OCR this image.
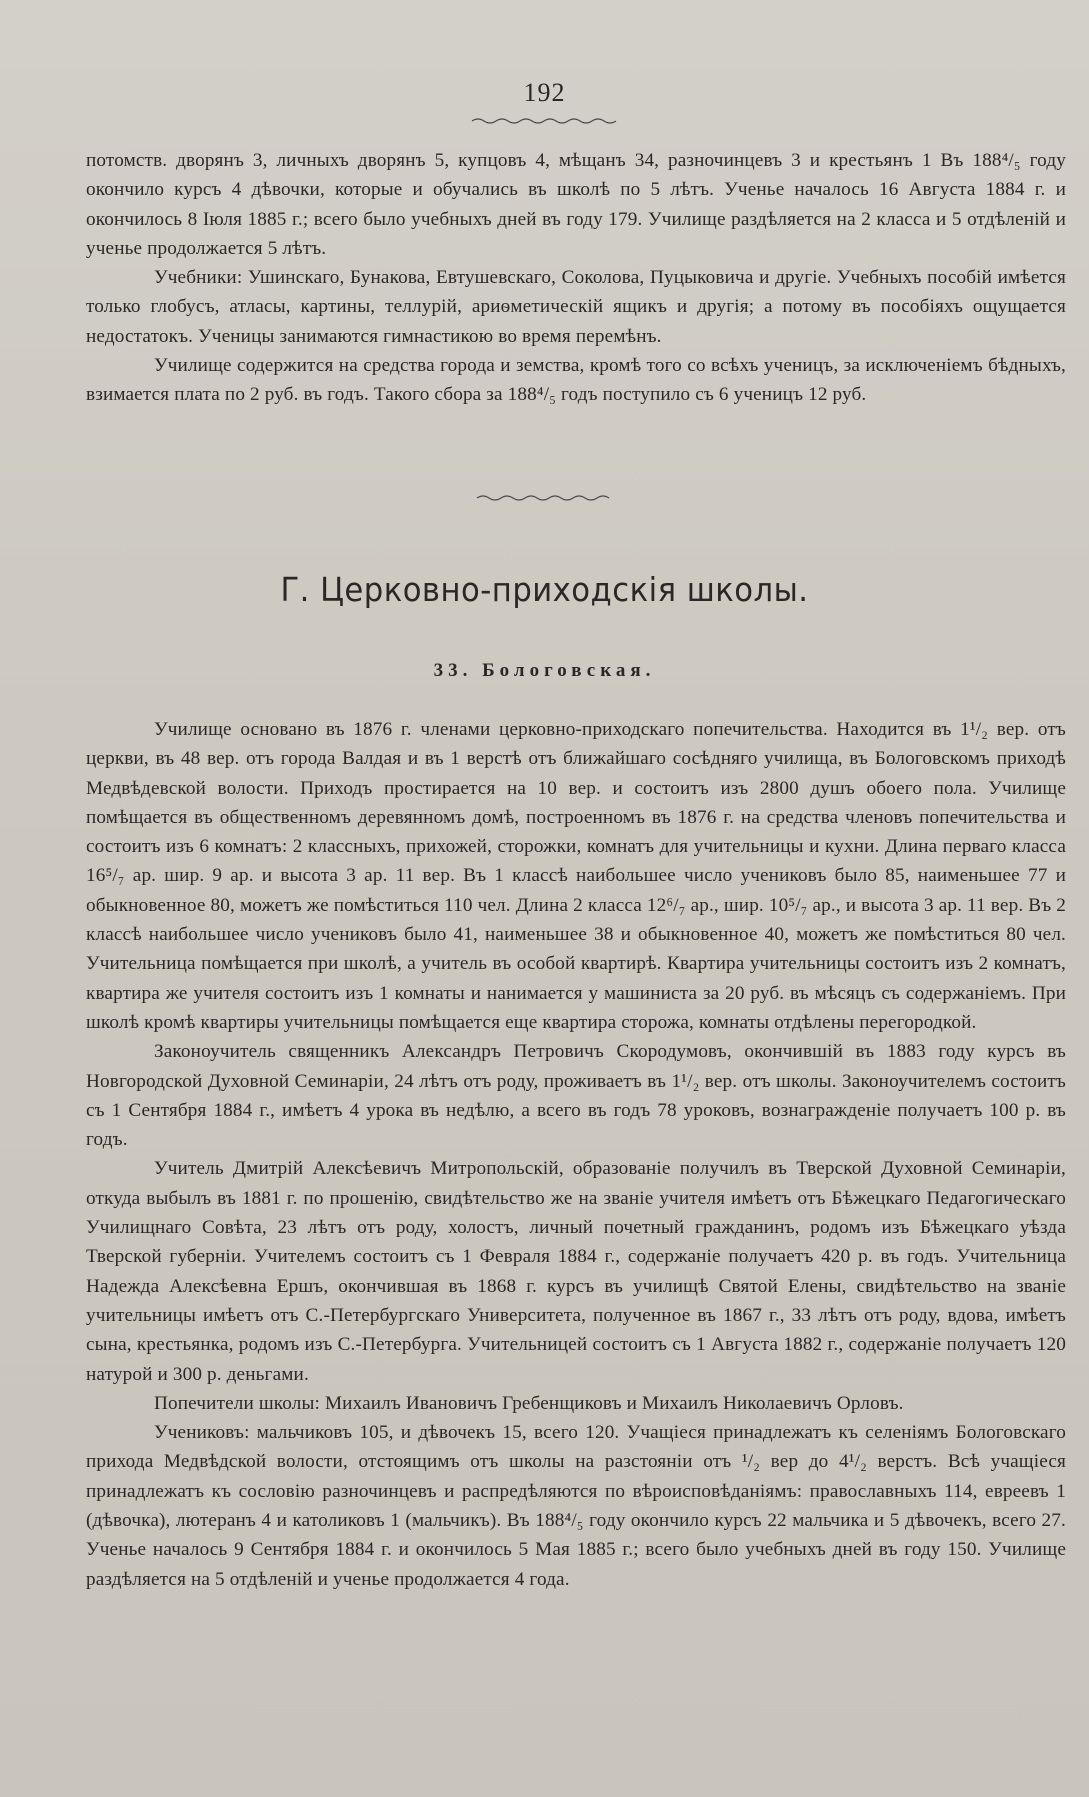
192

потомств. дворянъ 3, личныхъ дворянъ 5, купцовъ 4, мѣщанъ 34, разночинцевъ 3 и крестьянъ 1 Въ 188⁴/₅ году окончило курсъ 4 дѣвочки, которые и обучались въ школѣ по 5 лѣтъ. Ученье началось 16 Августа 1884 г. и окончилось 8 Іюля 1885 г.; всего было учебныхъ дней въ году 179. Училище раздѣляется на 2 класса и 5 отдѣленій и ученье продолжается 5 лѣтъ.

Учебники: Ушинскаго, Бунакова, Евтушевскаго, Соколова, Пуцыковича и другіе. Учебныхъ пособій имѣется только глобусъ, атласы, картины, теллурій, ариѳметическій ящикъ и другія; а потому въ пособіяхъ ощущается недостатокъ. Ученицы занимаются гимнастикою во время перемѣнъ.

Училище содержится на средства города и земства, кромѣ того со всѣхъ ученицъ, за исключеніемъ бѣдныхъ, взимается плата по 2 руб. въ годъ. Такого сбора за 188⁴/₅ годъ поступило съ 6 ученицъ 12 руб.

Г. Церковно-приходскія школы.
33. Бологовская.

Училище основано въ 1876 г. членами церковно-приходскаго попечительства. Находится въ 1¹/₂ вер. отъ церкви, въ 48 вер. отъ города Валдая и въ 1 верстѣ отъ ближайшаго сосѣдняго училища, въ Бологовскомъ приходѣ Медвѣдевской волости. Приходъ простирается на 10 вер. и состоитъ изъ 2800 душъ обоего пола. Училище помѣщается въ общественномъ деревянномъ домѣ, построенномъ въ 1876 г. на средства членовъ попечительства и состоитъ изъ 6 комнатъ: 2 классныхъ, прихожей, сторожки, комнатъ для учительницы и кухни. Длина перваго класса 16⁵/₇ ар. шир. 9 ар. и высота 3 ар. 11 вер. Въ 1 классѣ наибольшее число учениковъ было 85, наименьшее 77 и обыкновенное 80, можетъ же помѣститься 110 чел. Длина 2 класса 12⁶/₇ ар., шир. 10⁵/₇ ар., и высота 3 ар. 11 вер. Въ 2 классѣ наибольшее число учениковъ было 41, наименьшее 38 и обыкновенное 40, можетъ же помѣститься 80 чел. Учительница помѣщается при школѣ, а учитель въ особой квартирѣ. Квартира учительницы состоитъ изъ 2 комнатъ, квартира же учителя состоитъ изъ 1 комнаты и нанимается у машиниста за 20 руб. въ мѣсяцъ съ содержаніемъ. При школѣ кромѣ квартиры учительницы помѣщается еще квартира сторожа, комнаты отдѣлены перегородкой.

Законоучитель священникъ Александръ Петровичъ Скородумовъ, окончившій въ 1883 году курсъ въ Новгородской Духовной Семинаріи, 24 лѣтъ отъ роду, проживаетъ въ 1¹/₂ вер. отъ школы. Законоучителемъ состоитъ съ 1 Сентября 1884 г., имѣетъ 4 урока въ недѣлю, а всего въ годъ 78 уроковъ, вознагражденіе получаетъ 100 р. въ годъ.

Учитель Дмитрій Алексѣевичъ Митропольскій, образованіе получилъ въ Тверской Духовной Семинаріи, откуда выбылъ въ 1881 г. по прошенію, свидѣтельство же на званіе учителя имѣетъ отъ Бѣжецкаго Педагогическаго Училищнаго Совѣта, 23 лѣтъ отъ роду, холостъ, личный почетный гражданинъ, родомъ изъ Бѣжецкаго уѣзда Тверской губерніи. Учителемъ состоитъ съ 1 Февраля 1884 г., содержаніе получаетъ 420 р. въ годъ. Учительница Надежда Алексѣевна Ершъ, окончившая въ 1868 г. курсъ въ училищѣ Святой Елены, свидѣтельство на званіе учительницы имѣетъ отъ С.-Петербургскаго Университета, полученное въ 1867 г., 33 лѣтъ отъ роду, вдова, имѣетъ сына, крестьянка, родомъ изъ С.-Петербурга. Учительницей состоитъ съ 1 Августа 1882 г., содержаніе получаетъ 120 натурой и 300 р. деньгами.

Попечители школы: Михаилъ Ивановичъ Гребенщиковъ и Михаилъ Николаевичъ Орловъ.

Учениковъ: мальчиковъ 105, и дѣвочекъ 15, всего 120. Учащіеся принадлежатъ къ селеніямъ Бологовскаго прихода Медвѣдской волости, отстоящимъ отъ школы на разстояніи отъ ¹/₂ вер до 4¹/₂ верстъ. Всѣ учащіеся принадлежатъ къ сословію разночинцевъ и распредѣляются по вѣроисповѣданіямъ: православныхъ 114, евреевъ 1 (дѣвочка), лютеранъ 4 и католиковъ 1 (мальчикъ). Въ 188⁴/₅ году окончило курсъ 22 мальчика и 5 дѣвочекъ, всего 27. Ученье началось 9 Сентября 1884 г. и окончилось 5 Мая 1885 г.; всего было учебныхъ дней въ году 150. Училище раздѣляется на 5 отдѣленій и ученье продолжается 4 года.
